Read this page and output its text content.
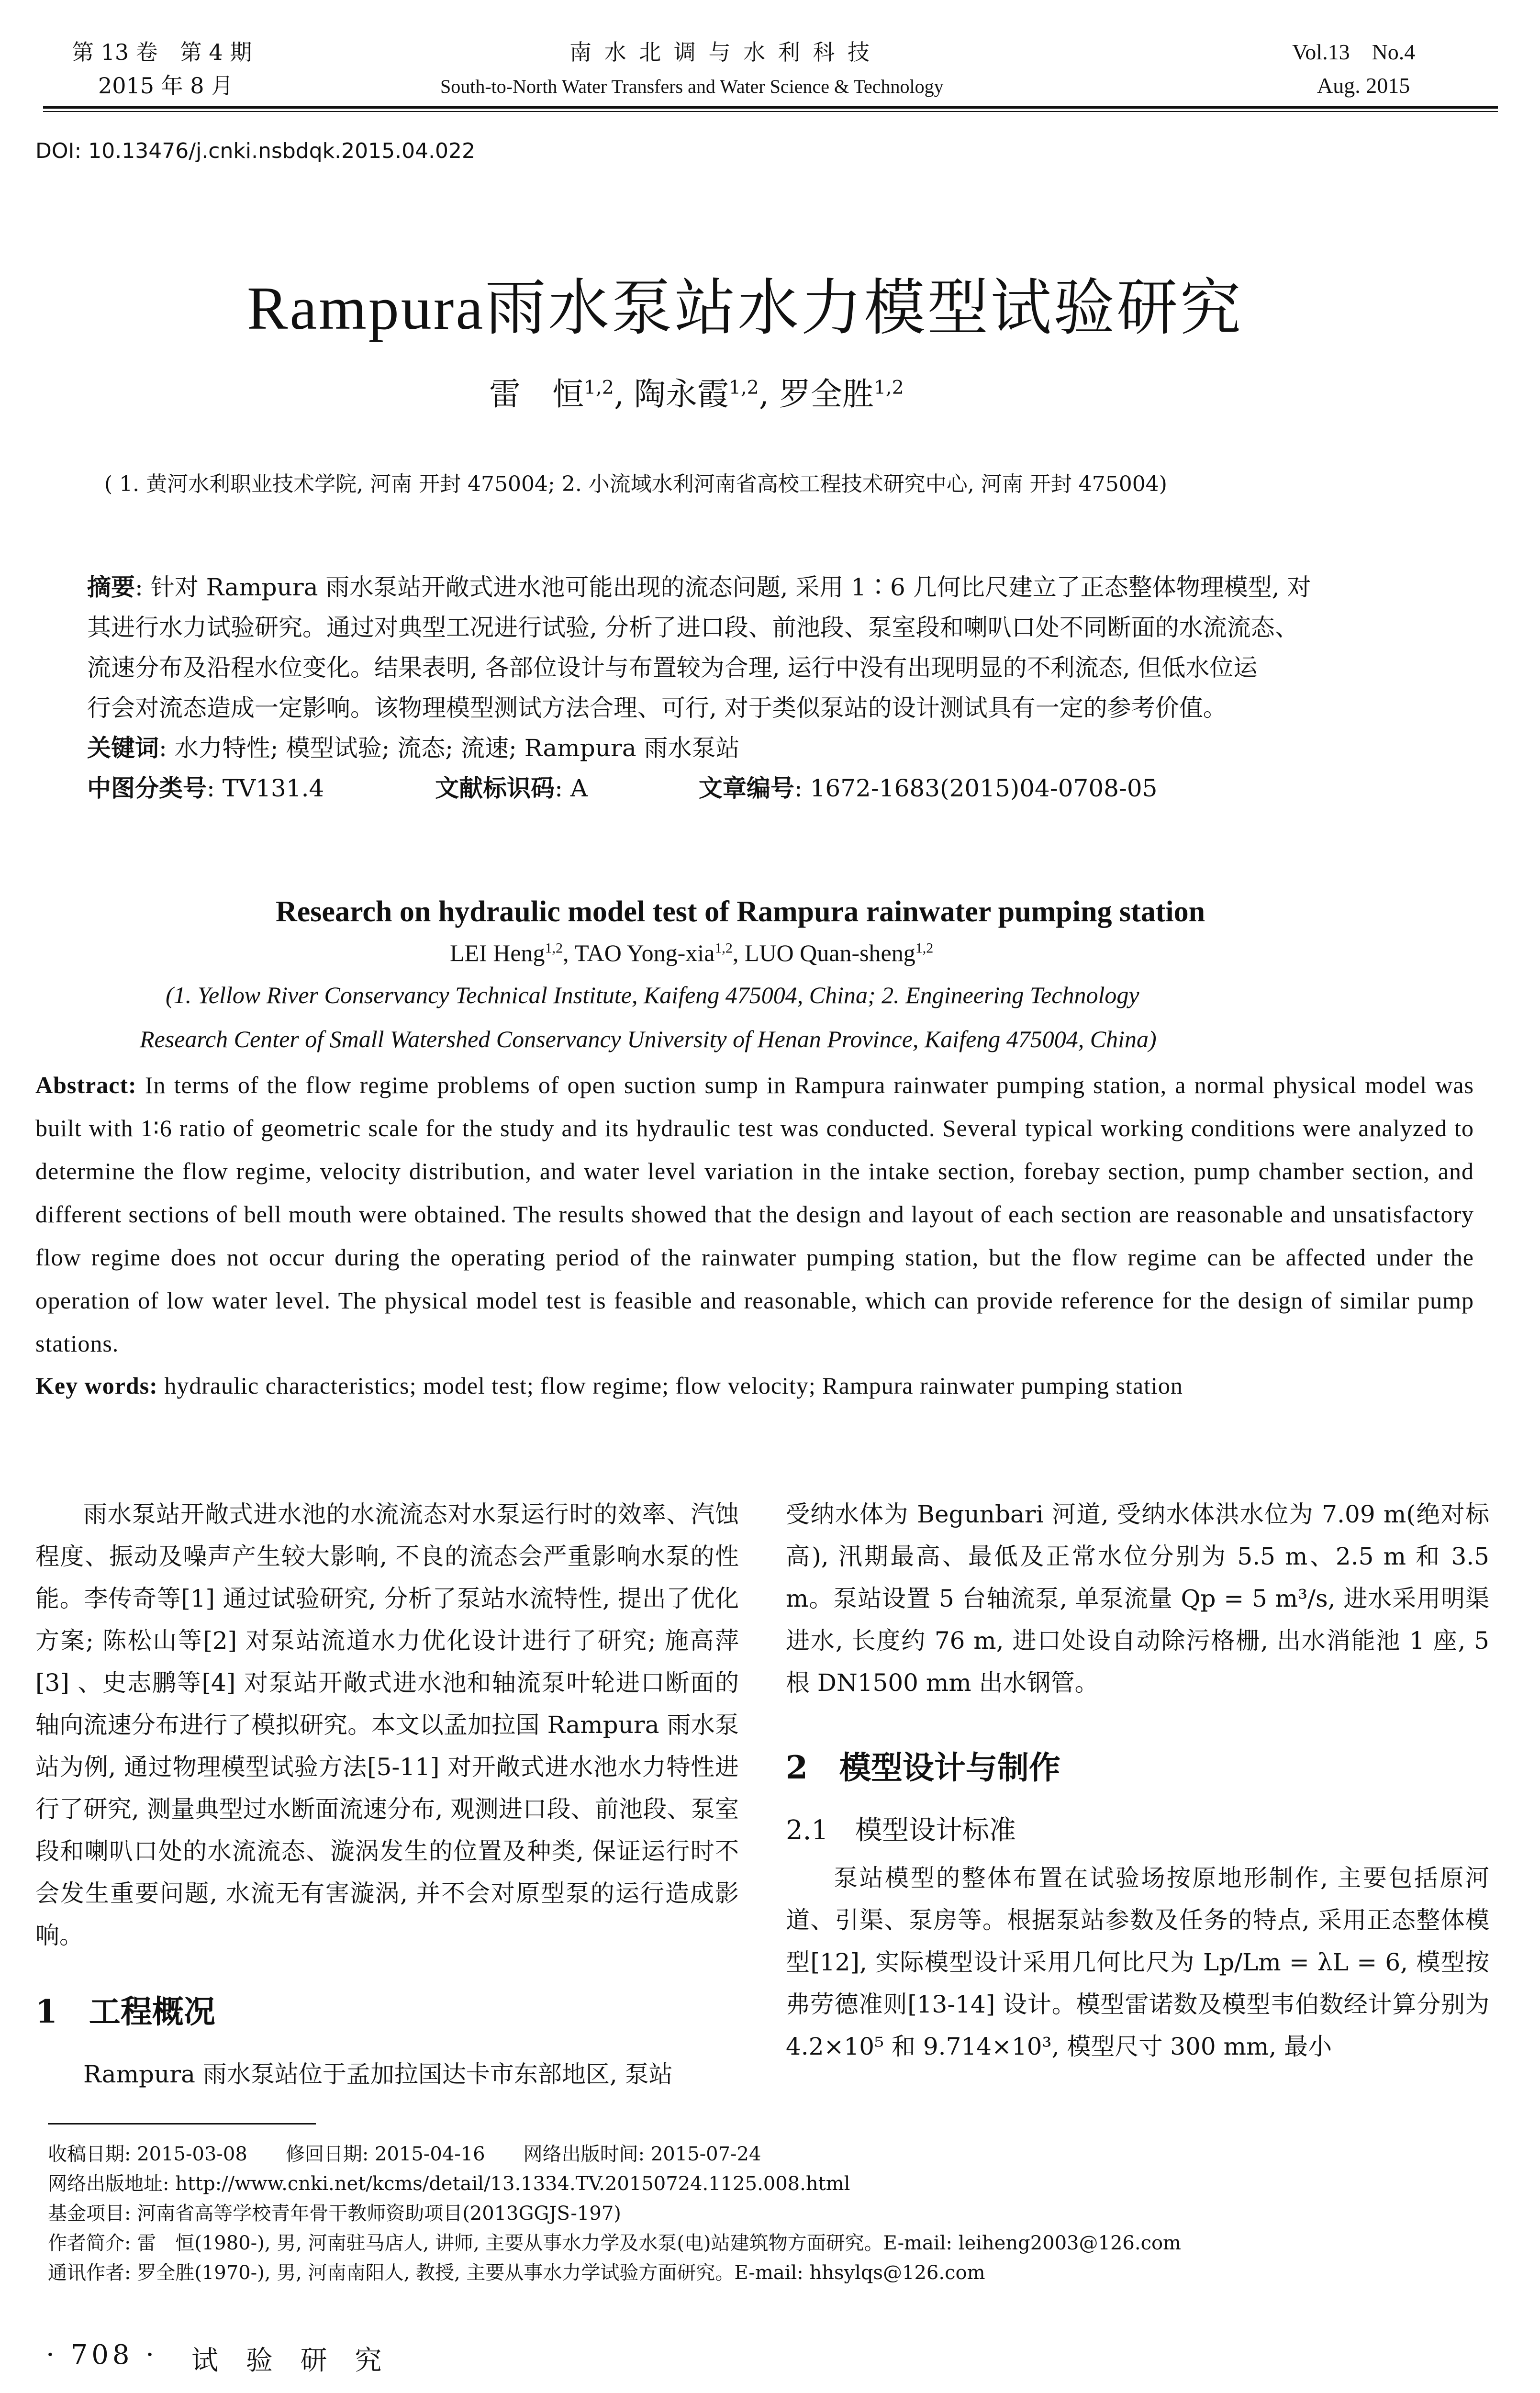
第 13 卷　第 4 期
2015 年 8 月
南 水 北 调 与 水 利 科 技
South-to-North Water Transfers and Water Science & Technology
Vol.13　No.4
Aug. 2015
DOI: 10.13476/j.cnki.nsbdqk.2015.04.022
Rampura雨水泵站水力模型试验研究
雷　恒$^{1,2}$, 陶永霞$^{1,2}$, 罗全胜$^{1,2}$
( 1. 黄河水利职业技术学院, 河南 开封 475004; 2. 小流域水利河南省高校工程技术研究中心, 河南 开封 475004)
摘要: 针对 Rampura 雨水泵站开敞式进水池可能出现的流态问题, 采用 1∶6 几何比尺建立了正态整体物理模型, 对
其进行水力试验研究。通过对典型工况进行试验, 分析了进口段、前池段、泵室段和喇叭口处不同断面的水流流态、
流速分布及沿程水位变化。结果表明, 各部位设计与布置较为合理, 运行中没有出现明显的不利流态, 但低水位运
行会对流态造成一定影响。该物理模型测试方法合理、可行, 对于类似泵站的设计测试具有一定的参考价值。
关键词: 水力特性; 模型试验; 流态; 流速; Rampura 雨水泵站
中图分类号: TV131.4	文献标识码: A	文章编号: 1672-1683(2015)04-0708-05
Research on hydraulic model test of Rampura rainwater pumping station
LEI Heng$^{1,2}$, TAO Yong-xia$^{1,2}$, LUO Quan-sheng$^{1,2}$
(1. Yellow River Conservancy Technical Institute, Kaifeng 475004, China; 2. Engineering Technology
Research Center of Small Watershed Conservancy University of Henan Province, Kaifeng 475004, China)
Abstract: In terms of the flow regime problems of open suction sump in Rampura rainwater pumping station, a normal physical model was built with 1∶6 ratio of geometric scale for the study and its hydraulic test was conducted. Several typical working conditions were analyzed to determine the flow regime, velocity distribution, and water level variation in the intake section, forebay section, pump chamber section, and different sections of bell mouth were obtained. The results showed that the design and layout of each section are reasonable and unsatisfactory flow regime does not occur during the operating period of the rainwater pumping station, but the flow regime can be affected under the operation of low water level. The physical model test is feasible and reasonable, which can provide reference for the design of similar pump stations.
Key words: hydraulic characteristics; model test; flow regime; flow velocity; Rampura rainwater pumping station
雨水泵站开敞式进水池的水流流态对水泵运行时的效率、汽蚀程度、振动及噪声产生较大影响, 不良的流态会严重影响水泵的性能。李传奇等[1] 通过试验研究, 分析了泵站水流特性, 提出了优化方案; 陈松山等[2] 对泵站流道水力优化设计进行了研究; 施高萍[3] 、史志鹏等[4] 对泵站开敞式进水池和轴流泵叶轮进口断面的轴向流速分布进行了模拟研究。本文以孟加拉国 Rampura 雨水泵站为例, 通过物理模型试验方法[5-11] 对开敞式进水池水力特性进行了研究, 测量典型过水断面流速分布, 观测进口段、前池段、泵室段和喇叭口处的水流流态、漩涡发生的位置及种类, 保证运行时不会发生重要问题, 水流无有害漩涡, 并不会对原型泵的运行造成影响。
1　工程概况
Rampura 雨水泵站位于孟加拉国达卡市东部地区, 泵站
受纳水体为 Begunbari 河道, 受纳水体洪水位为 7.09 m(绝对标高), 汛期最高、最低及正常水位分别为 5.5 m、2.5 m 和 3.5 m。泵站设置 5 台轴流泵, 单泵流量 Qp = 5 m³/s, 进水采用明渠进水, 长度约 76 m, 进口处设自动除污格栅, 出水消能池 1 座, 5 根 DN1500 mm 出水钢管。
2　模型设计与制作
2.1　模型设计标准
泵站模型的整体布置在试验场按原地形制作, 主要包括原河道、引渠、泵房等。根据泵站参数及任务的特点, 采用正态整体模型[12], 实际模型设计采用几何比尺为 Lp/Lm = λL = 6, 模型按弗劳德准则[13-14] 设计。模型雷诺数及模型韦伯数经计算分别为 4.2×10⁵ 和 9.714×10³, 模型尺寸 300 mm, 最小
收稿日期: 2015-03-08　　修回日期: 2015-04-16　　网络出版时间: 2015-07-24
网络出版地址: http://www.cnki.net/kcms/detail/13.1334.TV.20150724.1125.008.html
基金项目: 河南省高等学校青年骨干教师资助项目(2013GGJS-197)
作者简介: 雷　恒(1980-), 男, 河南驻马店人, 讲师, 主要从事水力学及水泵(电)站建筑物方面研究。E-mail: leiheng2003@126.com
通讯作者: 罗全胜(1970-), 男, 河南南阳人, 教授, 主要从事水力学试验方面研究。E-mail: hhsylqs@126.com
· 708 · 试 验 研 究
